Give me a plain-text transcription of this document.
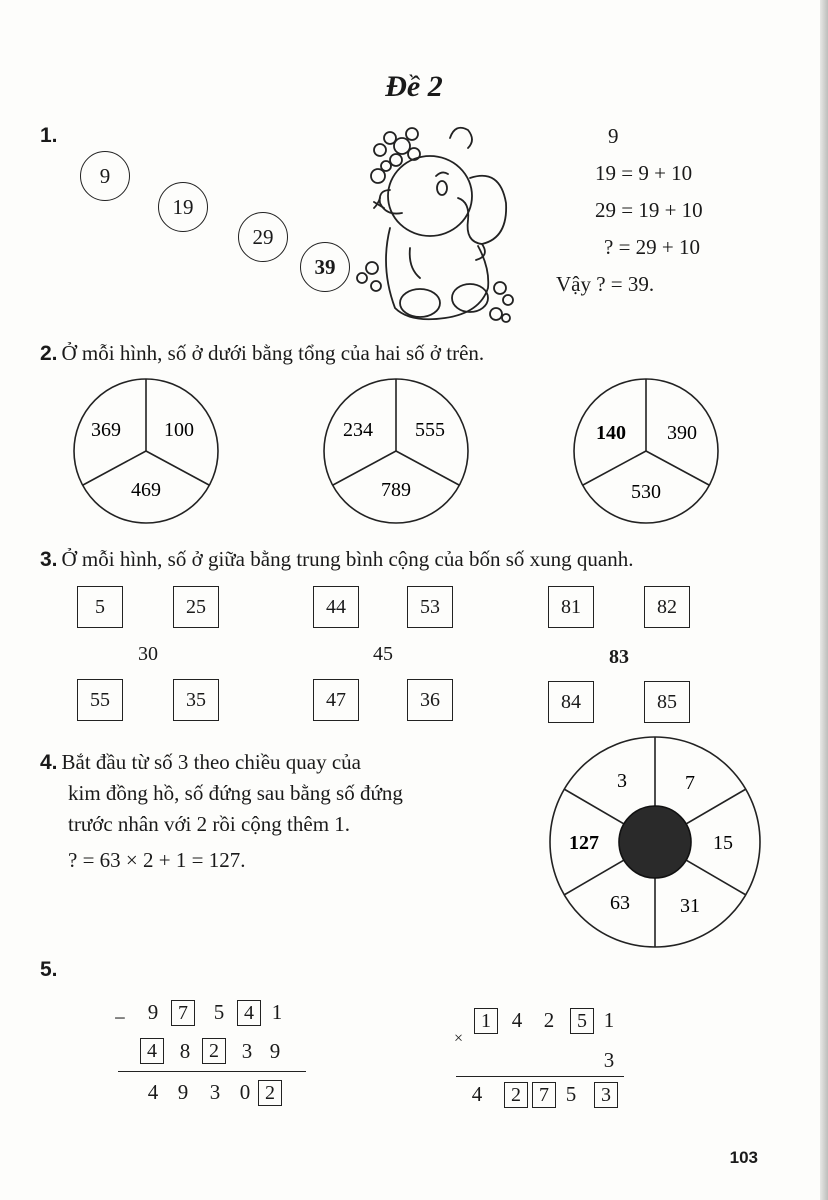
Đề 2
1.
9
19
29
39
9
19 = 9 + 10
29 = 19 + 10
? = 29 + 10
Vậy ? = 39.
2. Ở mỗi hình, số ở dưới bằng tổng của hai số ở trên.
369 100
469
234 555
789
140 390
530
3. Ở mỗi hình, số ở giữa bằng trung bình cộng của bốn số xung quanh.
5	25
30
55	35
44	53
45
47	36
81	82
83
84	85
4. Bắt đầu từ số 3 theo chiều quay của
kim đồng hồ, số đứng sau bằng số đứng
trước nhân với 2 rồi cộng thêm 1.
? = 63 × 2 + 1 = 127.
3	7
15
31
63
127
5.
−	9 7	5 4 1
4	8 2	3 9
4 9	3 0 2
×
1 4	2	5 1
3
4	2 7 5	3
103
